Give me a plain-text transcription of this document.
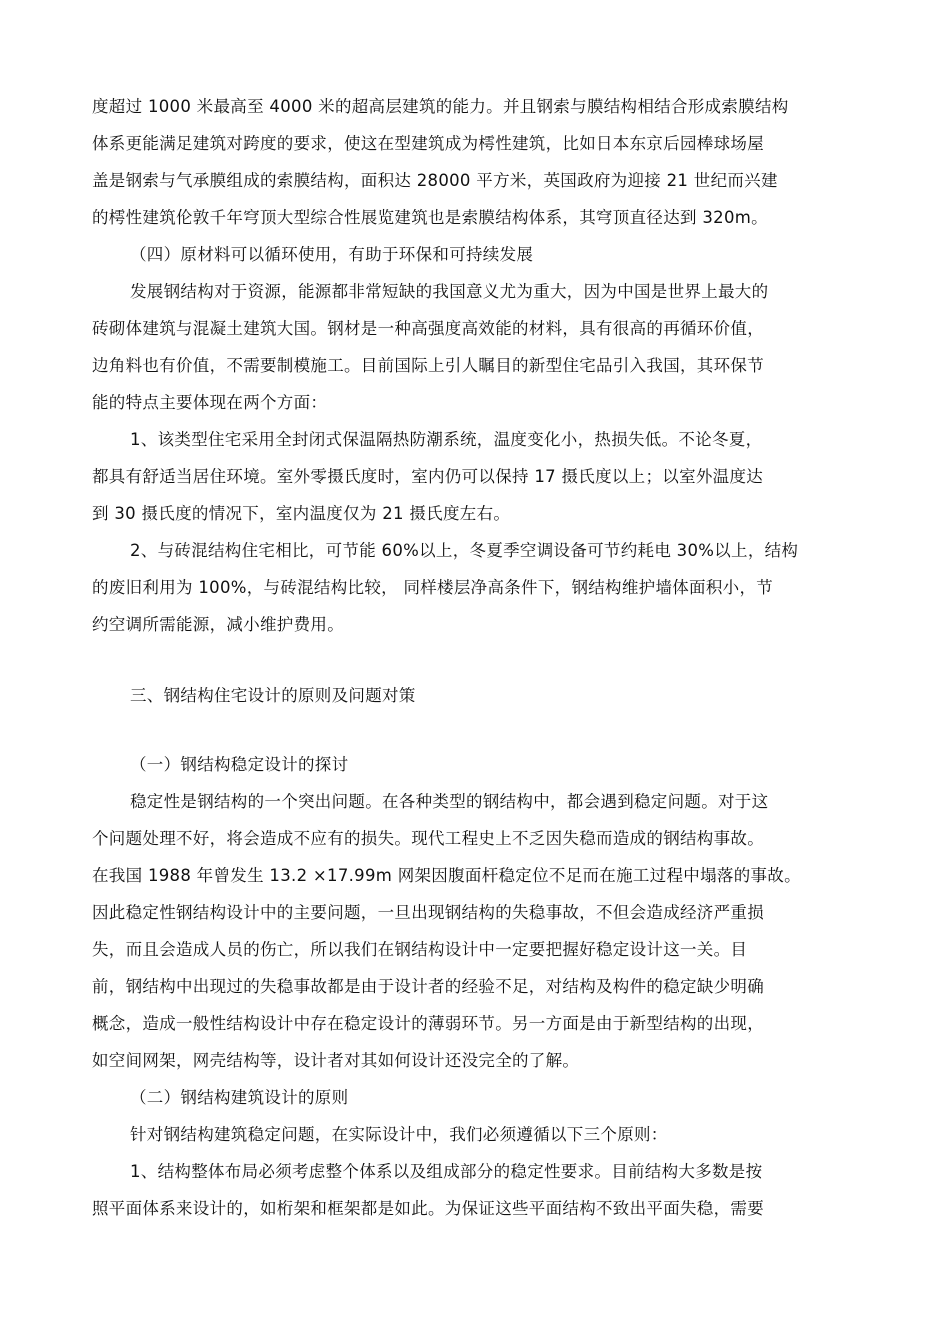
度超过 1000 米最高至 4000 米的超高层建筑的能力。并且钢索与膜结构相结合形成索膜结构
体系更能满足建筑对跨度的要求，使这在型建筑成为樗性建筑，比如日本东京后园棒球场屋
盖是钢索与气承膜组成的索膜结构，面积达 28000 平方米，英国政府为迎接 21 世纪而兴建
的樗性建筑伦敦千年穹顶大型综合性展览建筑也是索膜结构体系，其穹顶直径达到 320m。
（四）原材料可以循环使用，有助于环保和可持续发展
发展钢结构对于资源，能源都非常短缺的我国意义尤为重大，因为中国是世界上最大的
砖砌体建筑与混凝土建筑大国。钢材是一种高强度高效能的材料，具有很高的再循环价值，
边角料也有价值，不需要制模施工。目前国际上引人瞩目的新型住宅品引入我国，其环保节
能的特点主要体现在两个方面：
1、该类型住宅采用全封闭式保温隔热防潮系统，温度变化小，热损失低。不论冬夏，
都具有舒适当居住环境。室外零摄氏度时，室内仍可以保持 17 摄氏度以上；以室外温度达
到 30 摄氏度的情况下，室内温度仅为 21 摄氏度左右。
2、与砖混结构住宅相比，可节能 60%以上，冬夏季空调设备可节约耗电 30%以上，结构
的废旧利用为 100%，与砖混结构比较， 同样楼层净高条件下，钢结构维护墙体面积小，节
约空调所需能源，减小维护费用。
三、钢结构住宅设计的原则及问题对策
（一）钢结构稳定设计的探讨
稳定性是钢结构的一个突出问题。在各种类型的钢结构中，都会遇到稳定问题。对于这
个问题处理不好，将会造成不应有的损失。现代工程史上不乏因失稳而造成的钢结构事故。
在我国 1988 年曾发生 13.2 ×17.99m 网架因腹面杆稳定位不足而在施工过程中塌落的事故。
因此稳定性钢结构设计中的主要问题，一旦出现钢结构的失稳事故，不但会造成经济严重损
失，而且会造成人员的伤亡，所以我们在钢结构设计中一定要把握好稳定设计这一关。目
前，钢结构中出现过的失稳事故都是由于设计者的经验不足，对结构及构件的稳定缺少明确
概念，造成一般性结构设计中存在稳定设计的薄弱环节。另一方面是由于新型结构的出现，
如空间网架，网壳结构等，设计者对其如何设计还没完全的了解。
（二）钢结构建筑设计的原则
针对钢结构建筑稳定问题，在实际设计中，我们必须遵循以下三个原则：
1、结构整体布局必须考虑整个体系以及组成部分的稳定性要求。目前结构大多数是按
照平面体系来设计的，如桁架和框架都是如此。为保证这些平面结构不致出平面失稳，需要
